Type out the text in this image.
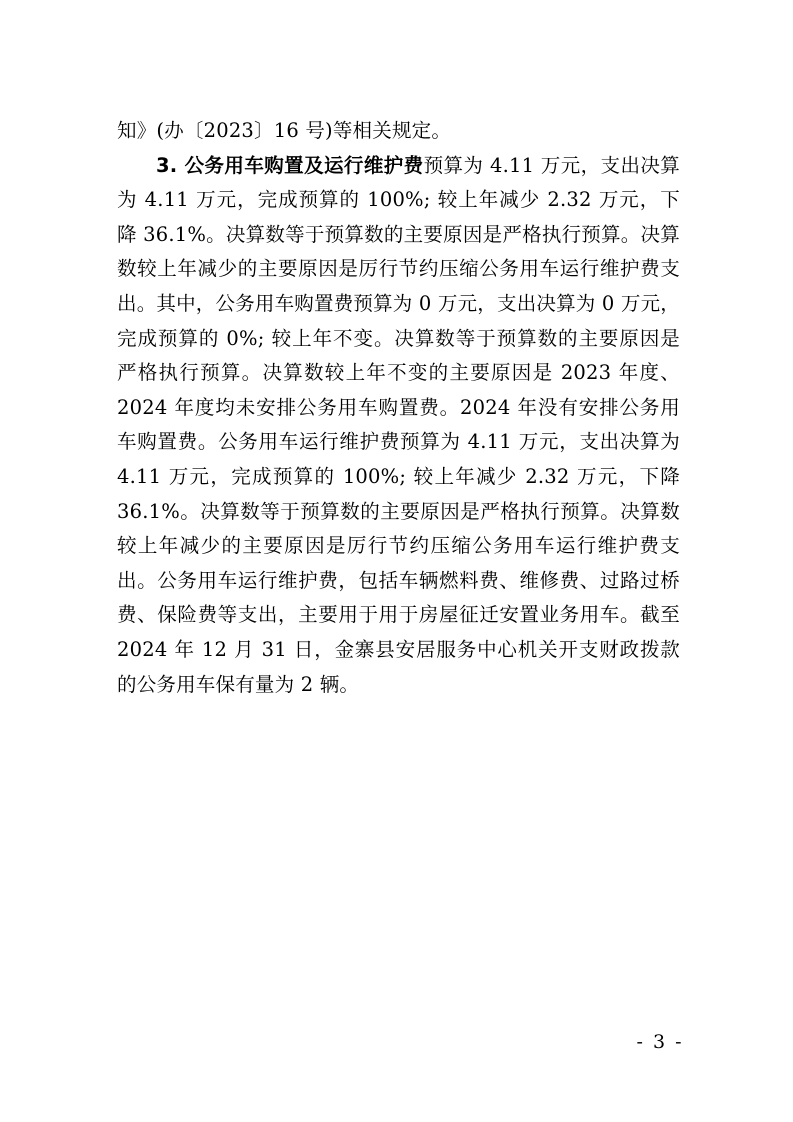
知》(办〔2023〕16 号)等相关规定。

3. 公务用车购置及运行维护费预算为 4.11 万元，支出决算为 4.11 万元，完成预算的 100%; 较上年减少 2.32 万元，下降 36.1%。决算数等于预算数的主要原因是严格执行预算。决算数较上年减少的主要原因是厉行节约压缩公务用车运行维护费支出。其中，公务用车购置费预算为 0 万元，支出决算为 0 万元，完成预算的 0%; 较上年不变。决算数等于预算数的主要原因是严格执行预算。决算数较上年不变的主要原因是 2023 年度、2024 年度均未安排公务用车购置费。2024 年没有安排公务用车购置费。公务用车运行维护费预算为 4.11 万元，支出决算为 4.11 万元，完成预算的 100%; 较上年减少 2.32 万元，下降 36.1%。决算数等于预算数的主要原因是严格执行预算。决算数较上年减少的主要原因是厉行节约压缩公务用车运行维护费支出。公务用车运行维护费，包括车辆燃料费、维修费、过路过桥费、保险费等支出，主要用于用于房屋征迁安置业务用车。截至 2024 年 12 月 31 日，金寨县安居服务中心机关开支财政拨款的公务用车保有量为 2 辆。

- 3 -
